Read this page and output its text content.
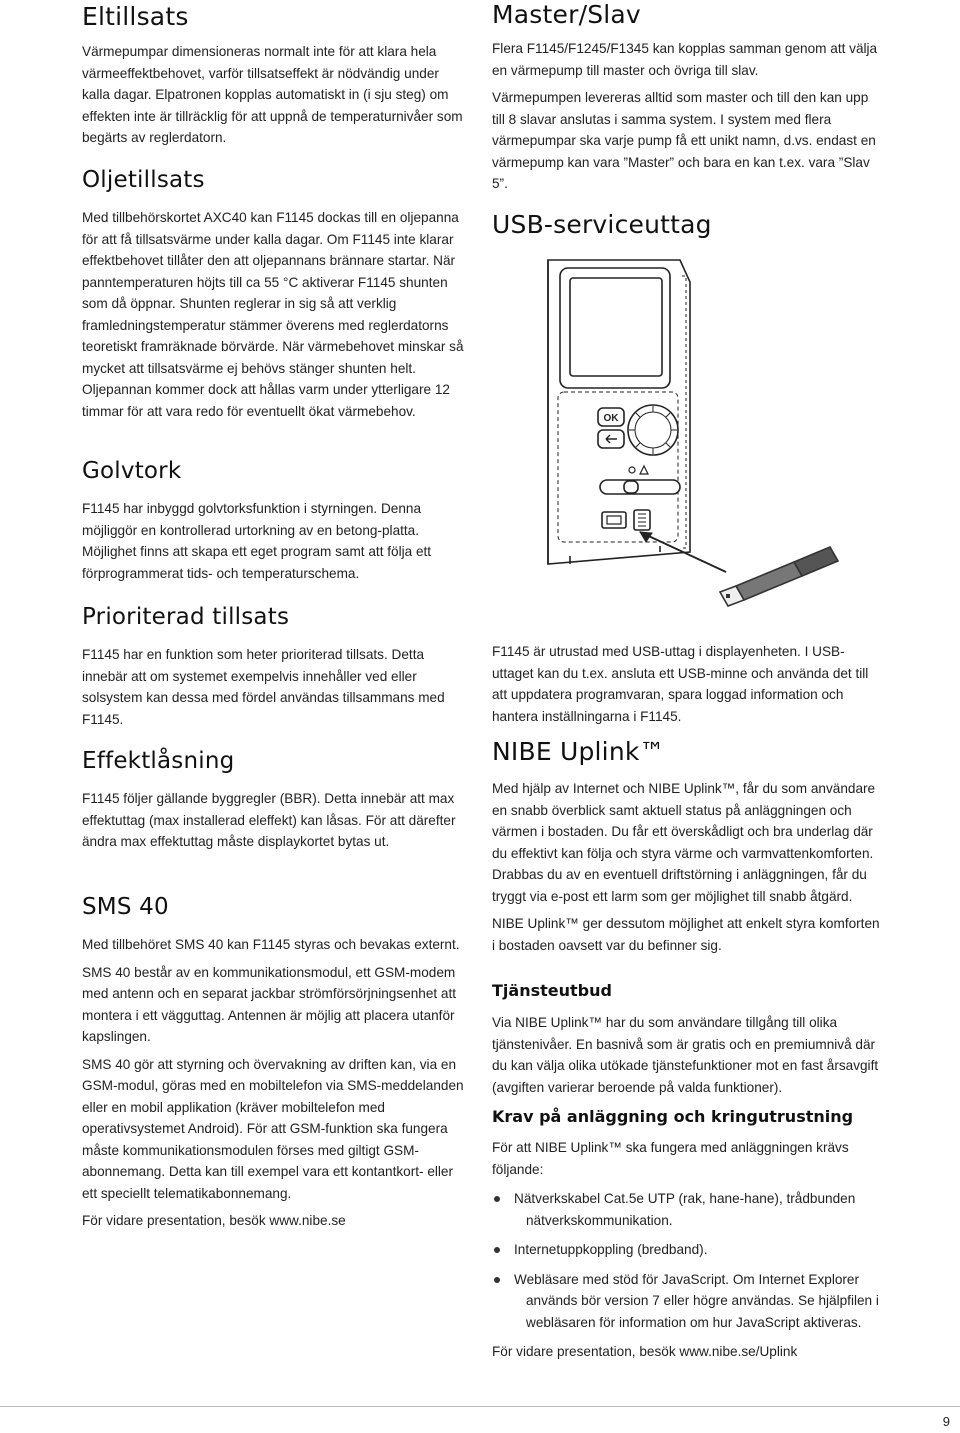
Eltillsats

Värmepumpar dimensioneras normalt inte för att klara hela värmeeffektbehovet, varför tillsatseffekt är nödvändig under kalla dagar. Elpatronen kopplas automatiskt in (i sju steg) om effekten inte är tillräcklig för att uppnå de temperaturnivåer som begärts av reglerdatorn.

Oljetillsats

Med tillbehörskortet AXC40 kan F1145 dockas till en oljepanna för att få tillsatsvärme under kalla dagar. Om F1145 inte klarar effektbehovet tillåter den att oljepannans brännare startar. När panntemperaturen höjts till ca 55 °C aktiverar F1145 shunten som då öppnar. Shunten reglerar in sig så att verklig framledningstemperatur stämmer överens med reglerdatorns teoretiskt framräknade börvärde. När värmebehovet minskar så mycket att tillsatsvärme ej behövs stänger shunten helt. Oljepannan kommer dock att hållas varm under ytterligare 12 timmar för att vara redo för eventuellt ökat värmebehov.

Golvtork

F1145 har inbyggd golvtorksfunktion i styrningen. Denna möjliggör en kontrollerad urtorkning av en betong-platta. Möjlighet finns att skapa ett eget program samt att följa ett förprogrammerat tids- och temperaturschema.

Prioriterad tillsats

F1145 har en funktion som heter prioriterad tillsats. Detta innebär att om systemet exempelvis innehåller ved eller solsystem kan dessa med fördel användas tillsammans med F1145.

Effektlåsning

F1145 följer gällande byggregler (BBR). Detta innebär att max effektuttag (max installerad eleffekt) kan låsas. För att därefter ändra max effektuttag måste displaykortet bytas ut.

SMS 40

Med tillbehöret SMS 40 kan F1145 styras och bevakas externt.

SMS 40 består av en kommunikationsmodul, ett GSM-modem med antenn och en separat jackbar strömförsörjningsenhet att montera i ett vägguttag. Antennen är möjlig att placera utanför kapslingen.

SMS 40 gör att styrning och övervakning av driften kan, via en GSM-modul, göras med en mobiltelefon via SMS-meddelanden eller en mobil applikation (kräver mobiltelefon med operativsystemet Android). För att GSM-funktion ska fungera måste kommunikationsmodulen förses med giltigt GSM-abonnemang. Detta kan till exempel vara ett kontantkort- eller ett speciellt telematikabonnemang.

För vidare presentation, besök www.nibe.se

Master/Slav

Flera F1145/F1245/F1345 kan kopplas samman genom att välja en värmepump till master och övriga till slav.

Värmepumpen levereras alltid som master och till den kan upp till 8 slavar anslutas i samma system. I system med flera värmepumpar ska varje pump få ett unikt namn, d.vs. endast en värmepump kan vara ”Master” och bara en kan t.ex. vara ”Slav 5”.

USB-serviceuttag
OK

F1145 är utrustad med USB-uttag i displayenheten. I USB-uttaget kan du t.ex. ansluta ett USB-minne och använda det till att uppdatera programvaran, spara loggad information och hantera inställningarna i F1145.

NIBE Uplink™

Med hjälp av Internet och NIBE Uplink™, får du som användare en snabb överblick samt aktuell status på anläggningen och värmen i bostaden. Du får ett överskådligt och bra underlag där du effektivt kan följa och styra värme och varmvattenkomforten. Drabbas du av en eventuell driftstörning i anläggningen, får du tryggt via e-post ett larm som ger möjlighet till snabb åtgärd.

NIBE Uplink™ ger dessutom möjlighet att enkelt styra komforten i bostaden oavsett var du befinner sig.

Tjänsteutbud

Via NIBE Uplink™ har du som användare tillgång till olika tjänstenivåer. En basnivå som är gratis och en premiumnivå där du kan välja olika utökade tjänstefunktioner mot en fast årsavgift (avgiften varierar beroende på valda funktioner).

Krav på anläggning och kringutrustning

För att NIBE Uplink™ ska fungera med anläggningen krävs följande:

Nätverkskabel Cat.5e UTP (rak, hane-hane), trådbunden nätverkskommunikation.
Internetuppkoppling (bredband).
Webläsare med stöd för JavaScript. Om Internet Explorer används bör version 7 eller högre användas. Se hjälpfilen i webläsaren för information om hur JavaScript aktiveras.

För vidare presentation, besök www.nibe.se/Uplink

9
